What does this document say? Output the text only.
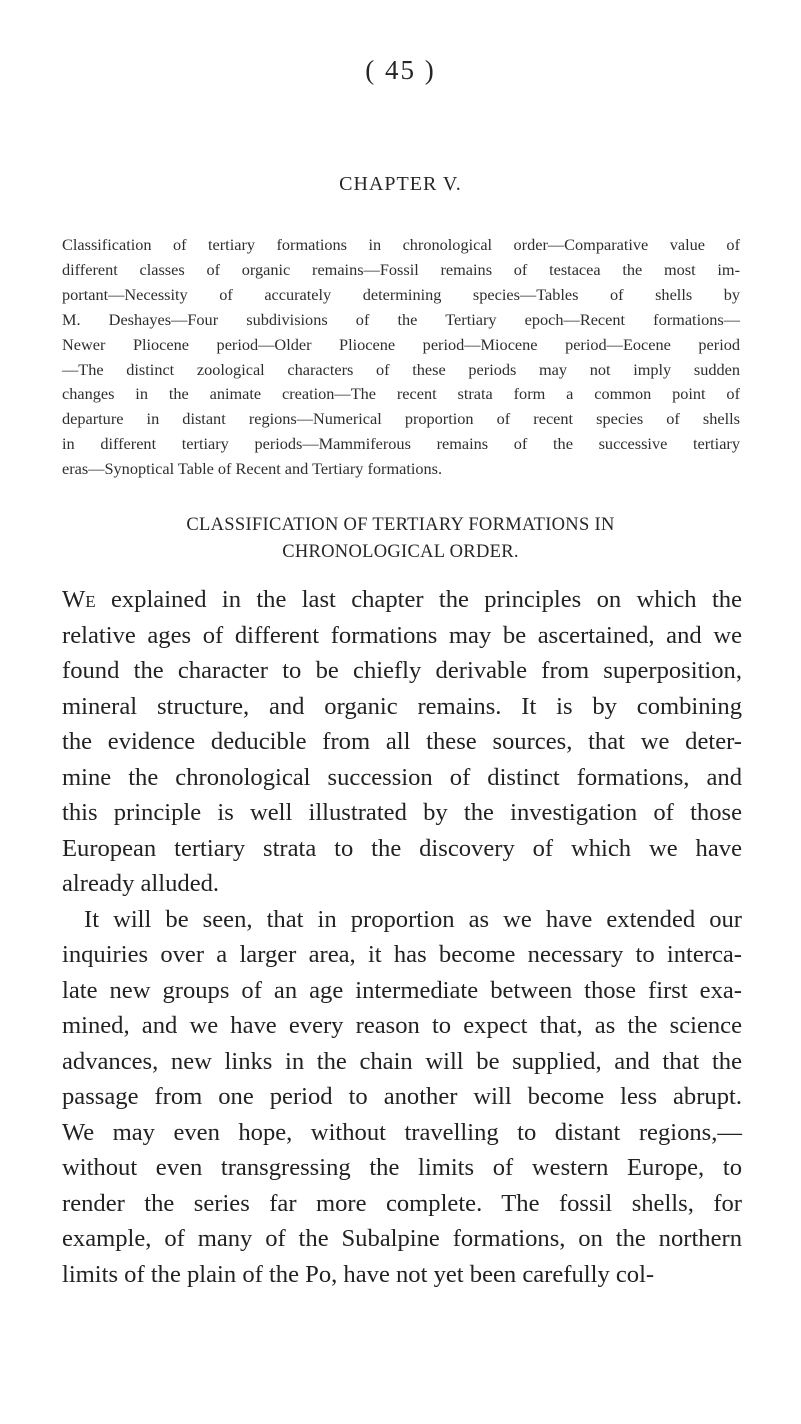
( 45 )
CHAPTER V.

Classification of tertiary formations in chronological order—Comparative value of
different classes of organic remains—Fossil remains of testacea the most im-
portant—Necessity of accurately determining species—Tables of shells by
M. Deshayes—Four subdivisions of the Tertiary epoch—Recent formations—
Newer Pliocene period—Older Pliocene period—Miocene period—Eocene period
—The distinct zoological characters of these periods may not imply sudden
changes in the animate creation—The recent strata form a common point of
departure in distant regions—Numerical proportion of recent species of shells
in different tertiary periods—Mammiferous remains of the successive tertiary
eras—Synoptical Table of Recent and Tertiary formations.

CLASSIFICATION OF TERTIARY FORMATIONS IN
CHRONOLOGICAL ORDER.
We explained in the last chapter the principles on which the
relative ages of different formations may be ascertained, and we
found the character to be chiefly derivable from superposition,
mineral structure, and organic remains. It is by combining
the evidence deducible from all these sources, that we deter-
mine the chronological succession of distinct formations, and
this principle is well illustrated by the investigation of those
European tertiary strata to the discovery of which we have
already alluded.
It will be seen, that in proportion as we have extended our
inquiries over a larger area, it has become necessary to interca-
late new groups of an age intermediate between those first exa-
mined, and we have every reason to expect that, as the science
advances, new links in the chain will be supplied, and that the
passage from one period to another will become less abrupt.
We may even hope, without travelling to distant regions,—
without even transgressing the limits of western Europe, to
render the series far more complete. The fossil shells, for
example, of many of the Subalpine formations, on the northern
limits of the plain of the Po, have not yet been carefully col-
